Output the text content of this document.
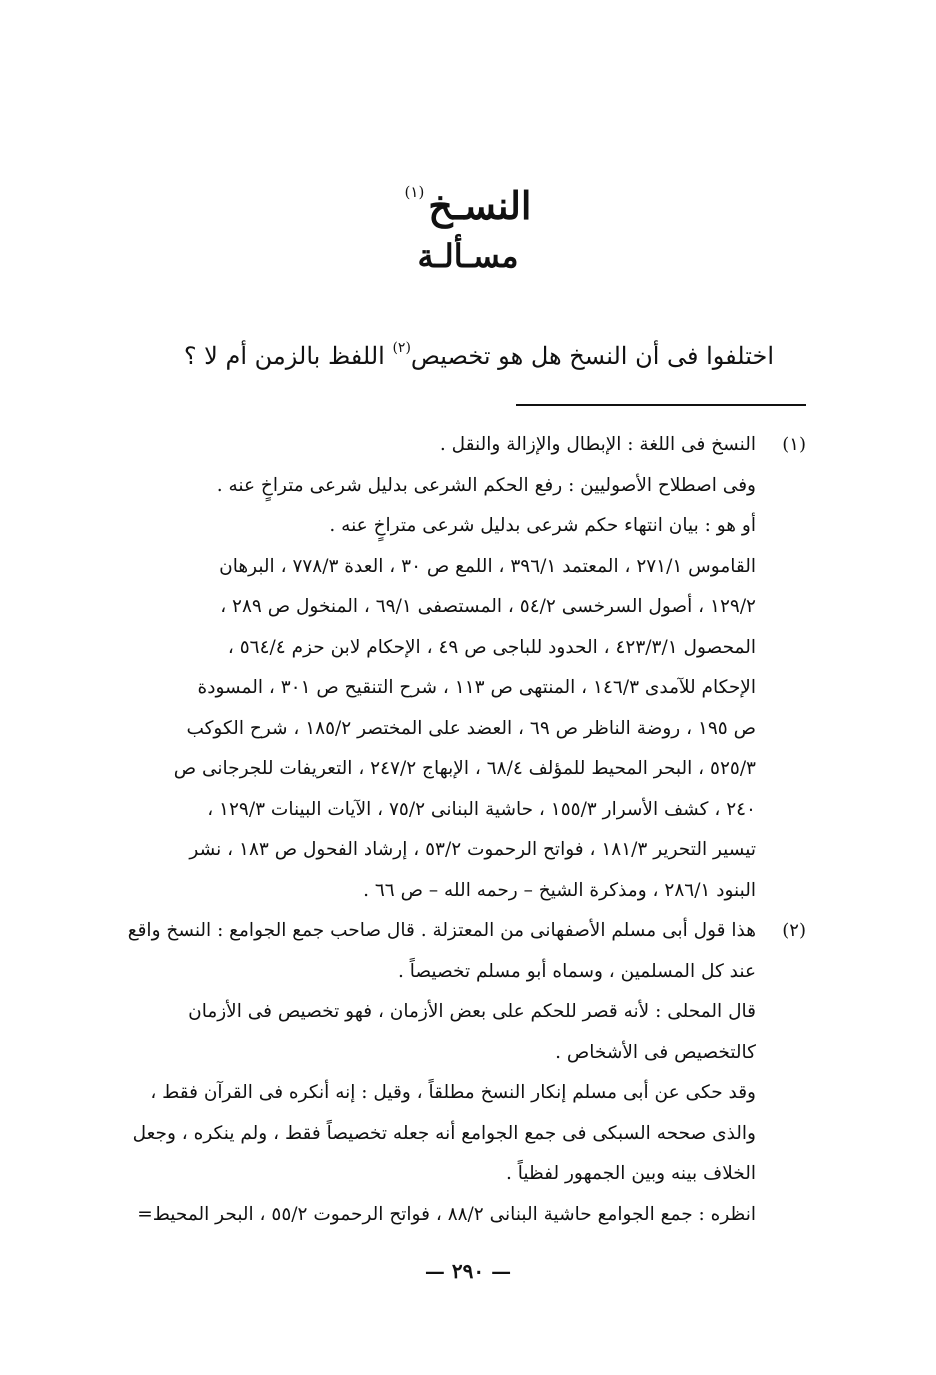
النسـخ$^{(١)}$
مسـألـة
اختلفوا فى أن النسخ هل هو تخصيص$^{(٢)}$ اللفظ بالزمن أم لا ؟
(١)
النسخ فى اللغة : الإبطال والإزالة والنقل .
وفى اصطلاح الأصوليين : رفع الحكم الشرعى بدليل شرعى متراخٍ عنه .
أو هو : بيان انتهاء حكم شرعى بدليل شرعى متراخٍ عنه .
القاموس ٢٧١/١ ، المعتمد ٣٩٦/١ ، اللمع ص ٣٠ ، العدة ٧٧٨/٣ ، البرهان
١٢٩/٢ ، أصول السرخسى ٥٤/٢ ، المستصفى ٦٩/١ ، المنخول ص ٢٨٩ ،
المحصول ٤٢٣/٣/١ ، الحدود للباجى ص ٤٩ ، الإحكام لابن حزم ٥٦٤/٤ ،
الإحكام للآمدى ١٤٦/٣ ، المنتهى ص ١١٣ ، شرح التنقيح ص ٣٠١ ، المسودة
ص ١٩٥ ، روضة الناظر ص ٦٩ ، العضد على المختصر ١٨٥/٢ ، شرح الكوكب
٥٢٥/٣ ، البحر المحيط للمؤلف ٦٨/٤ ، الإبهاج ٢٤٧/٢ ، التعريفات للجرجانى ص
٢٤٠ ، كشف الأسرار ١٥٥/٣ ، حاشية البنانى ٧٥/٢ ، الآيات البينات ١٢٩/٣ ،
تيسير التحرير ١٨١/٣ ، فواتح الرحموت ٥٣/٢ ، إرشاد الفحول ص ١٨٣ ، نشر
البنود ٢٨٦/١ ، ومذكرة الشيخ – رحمه الله – ص ٦٦ .
(٢)
هذا قول أبى مسلم الأصفهانى من المعتزلة . قال صاحب جمع الجوامع : النسخ واقع
عند كل المسلمين ، وسماه أبو مسلم تخصيصاً .
قال المحلى : لأنه قصر للحكم على بعض الأزمان ، فهو تخصيص فى الأزمان
كالتخصيص فى الأشخاص .
وقد حكى عن أبى مسلم إنكار النسخ مطلقاً ، وقيل : إنه أنكره فى القرآن فقط ،
والذى صححه السبكى فى جمع الجوامع أنه جعله تخصيصاً فقط ، ولم ينكره ، وجعل
الخلاف بينه وبين الجمهور لفظياً .
انظره : جمع الجوامع حاشية البنانى ٨٨/٢ ، فواتح الرحموت ٥٥/٢ ، البحر المحيط=
— ٢٩٠ —
